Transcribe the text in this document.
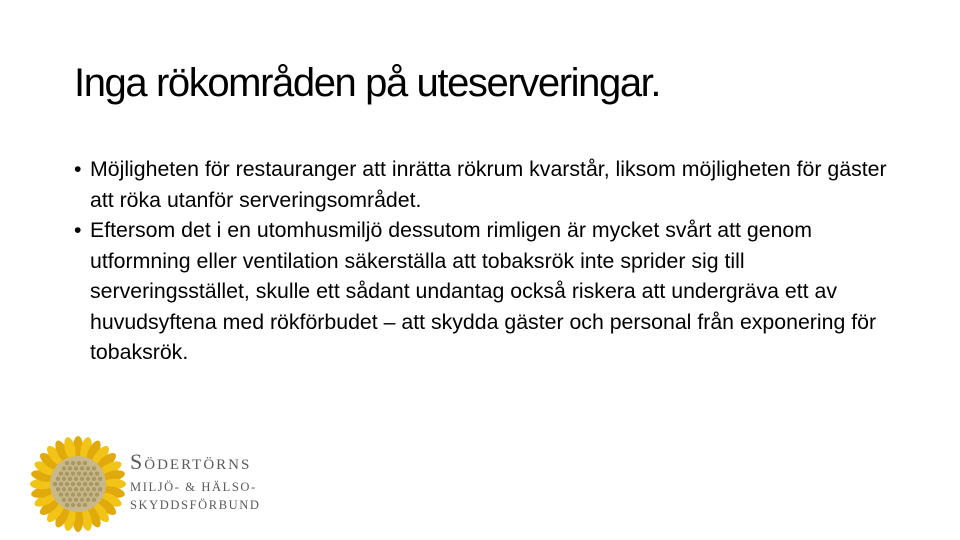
Inga rökområden på uteserveringar.
• Möjligheten för restauranger att inrätta rökrum kvarstår, liksom möjligheten för gäster att röka utanför serveringsområdet.
• Eftersom det i en utomhusmiljö dessutom rimligen är mycket svårt att genom utformning eller ventilation säkerställa att tobaksrök inte sprider sig till serveringsstället, skulle ett sådant undantag också riskera att undergräva ett av huvudsyftena med rökförbudet – att skydda gäster och personal från exponering för tobaksrök.
Södertörns
MILJÖ- & HÄLSO-
SKYDDSFÖRBUND
